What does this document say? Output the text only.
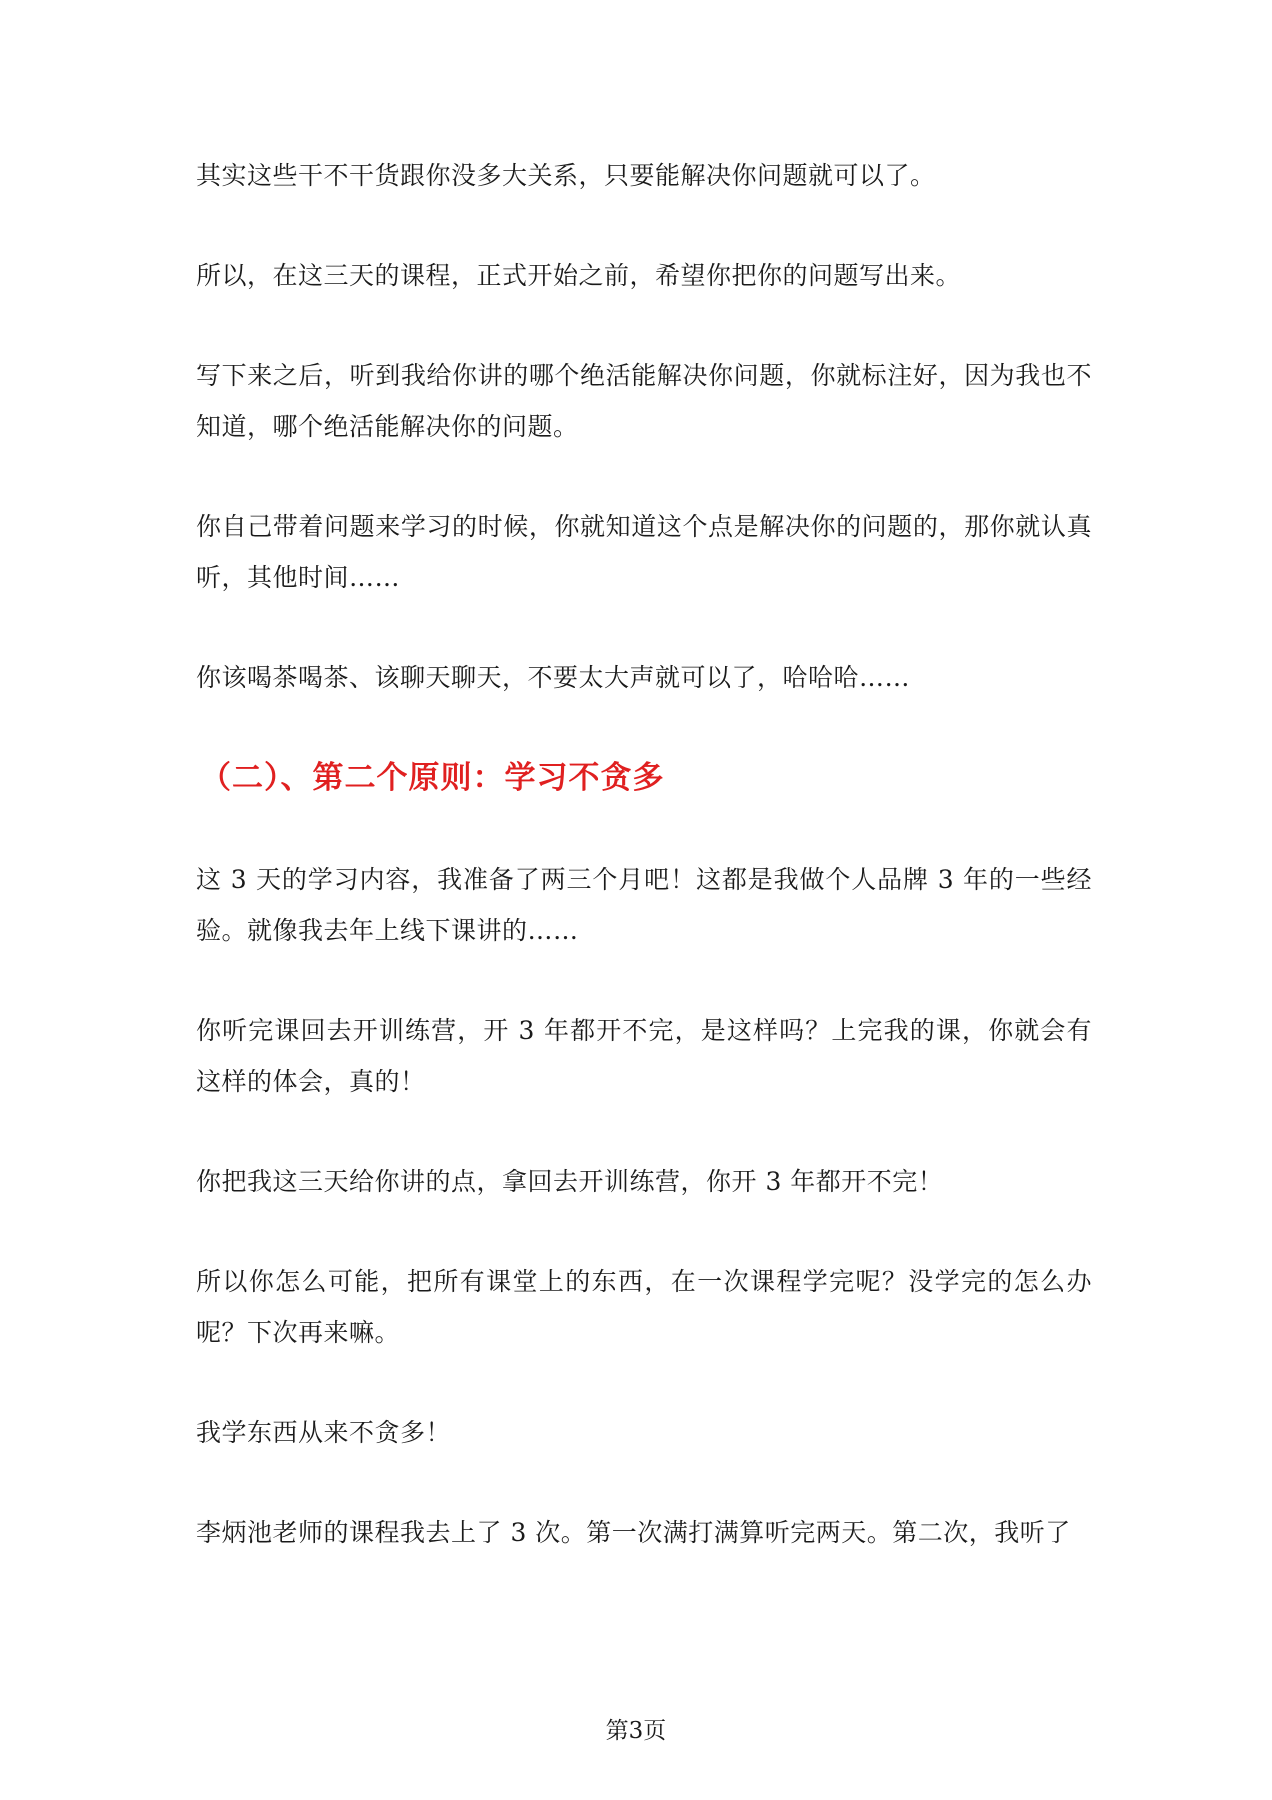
其实这些干不干货跟你没多大关系，只要能解决你问题就可以了。

所以，在这三天的课程，正式开始之前，希望你把你的问题写出来。

写下来之后，听到我给你讲的哪个绝活能解决你问题，你就标注好，因为我也不知道，哪个绝活能解决你的问题。

你自己带着问题来学习的时候，你就知道这个点是解决你的问题的，那你就认真听，其他时间……

你该喝茶喝茶、该聊天聊天，不要太大声就可以了，哈哈哈……

（二）、第二个原则：学习不贪多

这 3 天的学习内容，我准备了两三个月吧！这都是我做个人品牌 3 年的一些经验。就像我去年上线下课讲的……

你听完课回去开训练营，开 3 年都开不完，是这样吗？上完我的课，你就会有这样的体会，真的！

你把我这三天给你讲的点，拿回去开训练营，你开 3 年都开不完！

所以你怎么可能，把所有课堂上的东西，在一次课程学完呢？没学完的怎么办呢？下次再来嘛。

我学东西从来不贪多！

李炳池老师的课程我去上了 3 次。第一次满打满算听完两天。第二次，我听了

第3页
